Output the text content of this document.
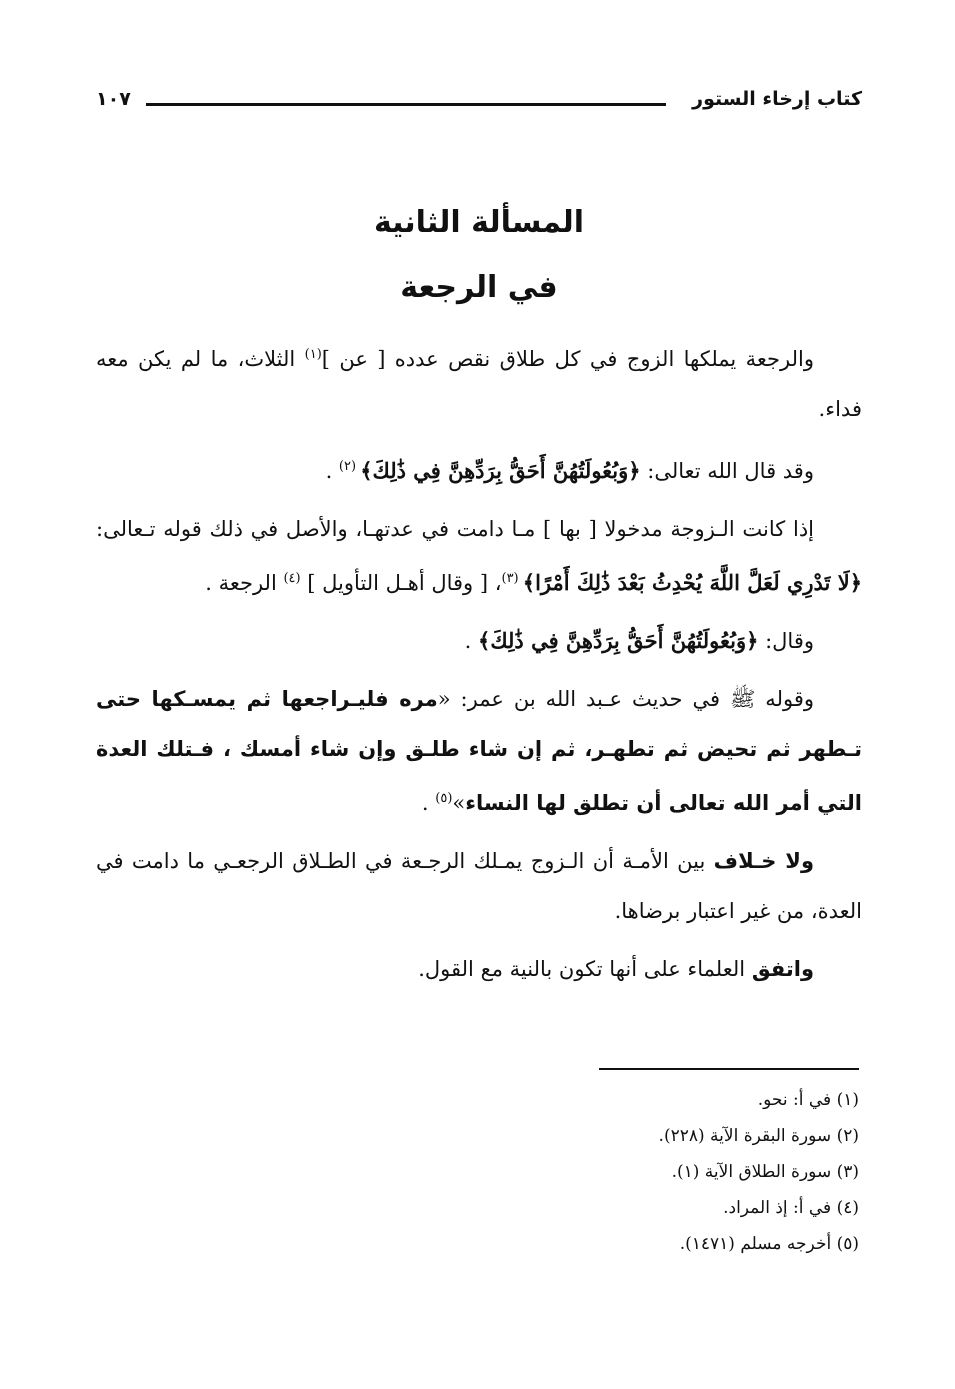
كتاب إرخاء الستور
١٠٧
المسألة الثانية
في الرجعة

والرجعة يملكها الزوج في كل طلاق نقص عدده [ عن ]$^{(١)}$ الثلاث، ما لم يكن معه فداء.

وقد قال الله تعالى: ﴿وَبُعُولَتُهُنَّ أَحَقُّ بِرَدِّهِنَّ فِي ذَٰلِكَ﴾ $^{(٢)}$ .

إذا كانت الـزوجة مدخولا [ بها ] مـا دامت في عدتهـا، والأصل في ذلك قوله تـعالى: ﴿لَا تَدْرِي لَعَلَّ اللَّهَ يُحْدِثُ بَعْدَ ذَٰلِكَ أَمْرًا﴾ $^{(٣)}$، [ وقال أهـل التأويل ] $^{(٤)}$ الرجعة .

وقال: ﴿وَبُعُولَتُهُنَّ أَحَقُّ بِرَدِّهِنَّ فِي ذَٰلِكَ﴾ .

وقوله ﷺ في حديث عـبد الله بن عمر: «مره فليـراجعها ثم يمسـكها حتى تـطهر ثم تحيض ثم تطهـر، ثم إن شاء طلـق وإن شاء أمسك ، فـتلك العدة التي أمر الله تعالى أن تطلق لها النساء»$^{(٥)}$ .

ولا خـلاف بين الأمـة أن الـزوج يمـلك الرجـعة في الطـلاق الرجعـي ما دامت في العدة، من غير اعتبار برضاها.

واتفق العلماء على أنها تكون بالنية مع القول.

(١) في أ: نحو.
(٢) سورة البقرة الآية (٢٢٨).
(٣) سورة الطلاق الآية (١).
(٤) في أ: إذ المراد.
(٥) أخرجه مسلم (١٤٧١).
